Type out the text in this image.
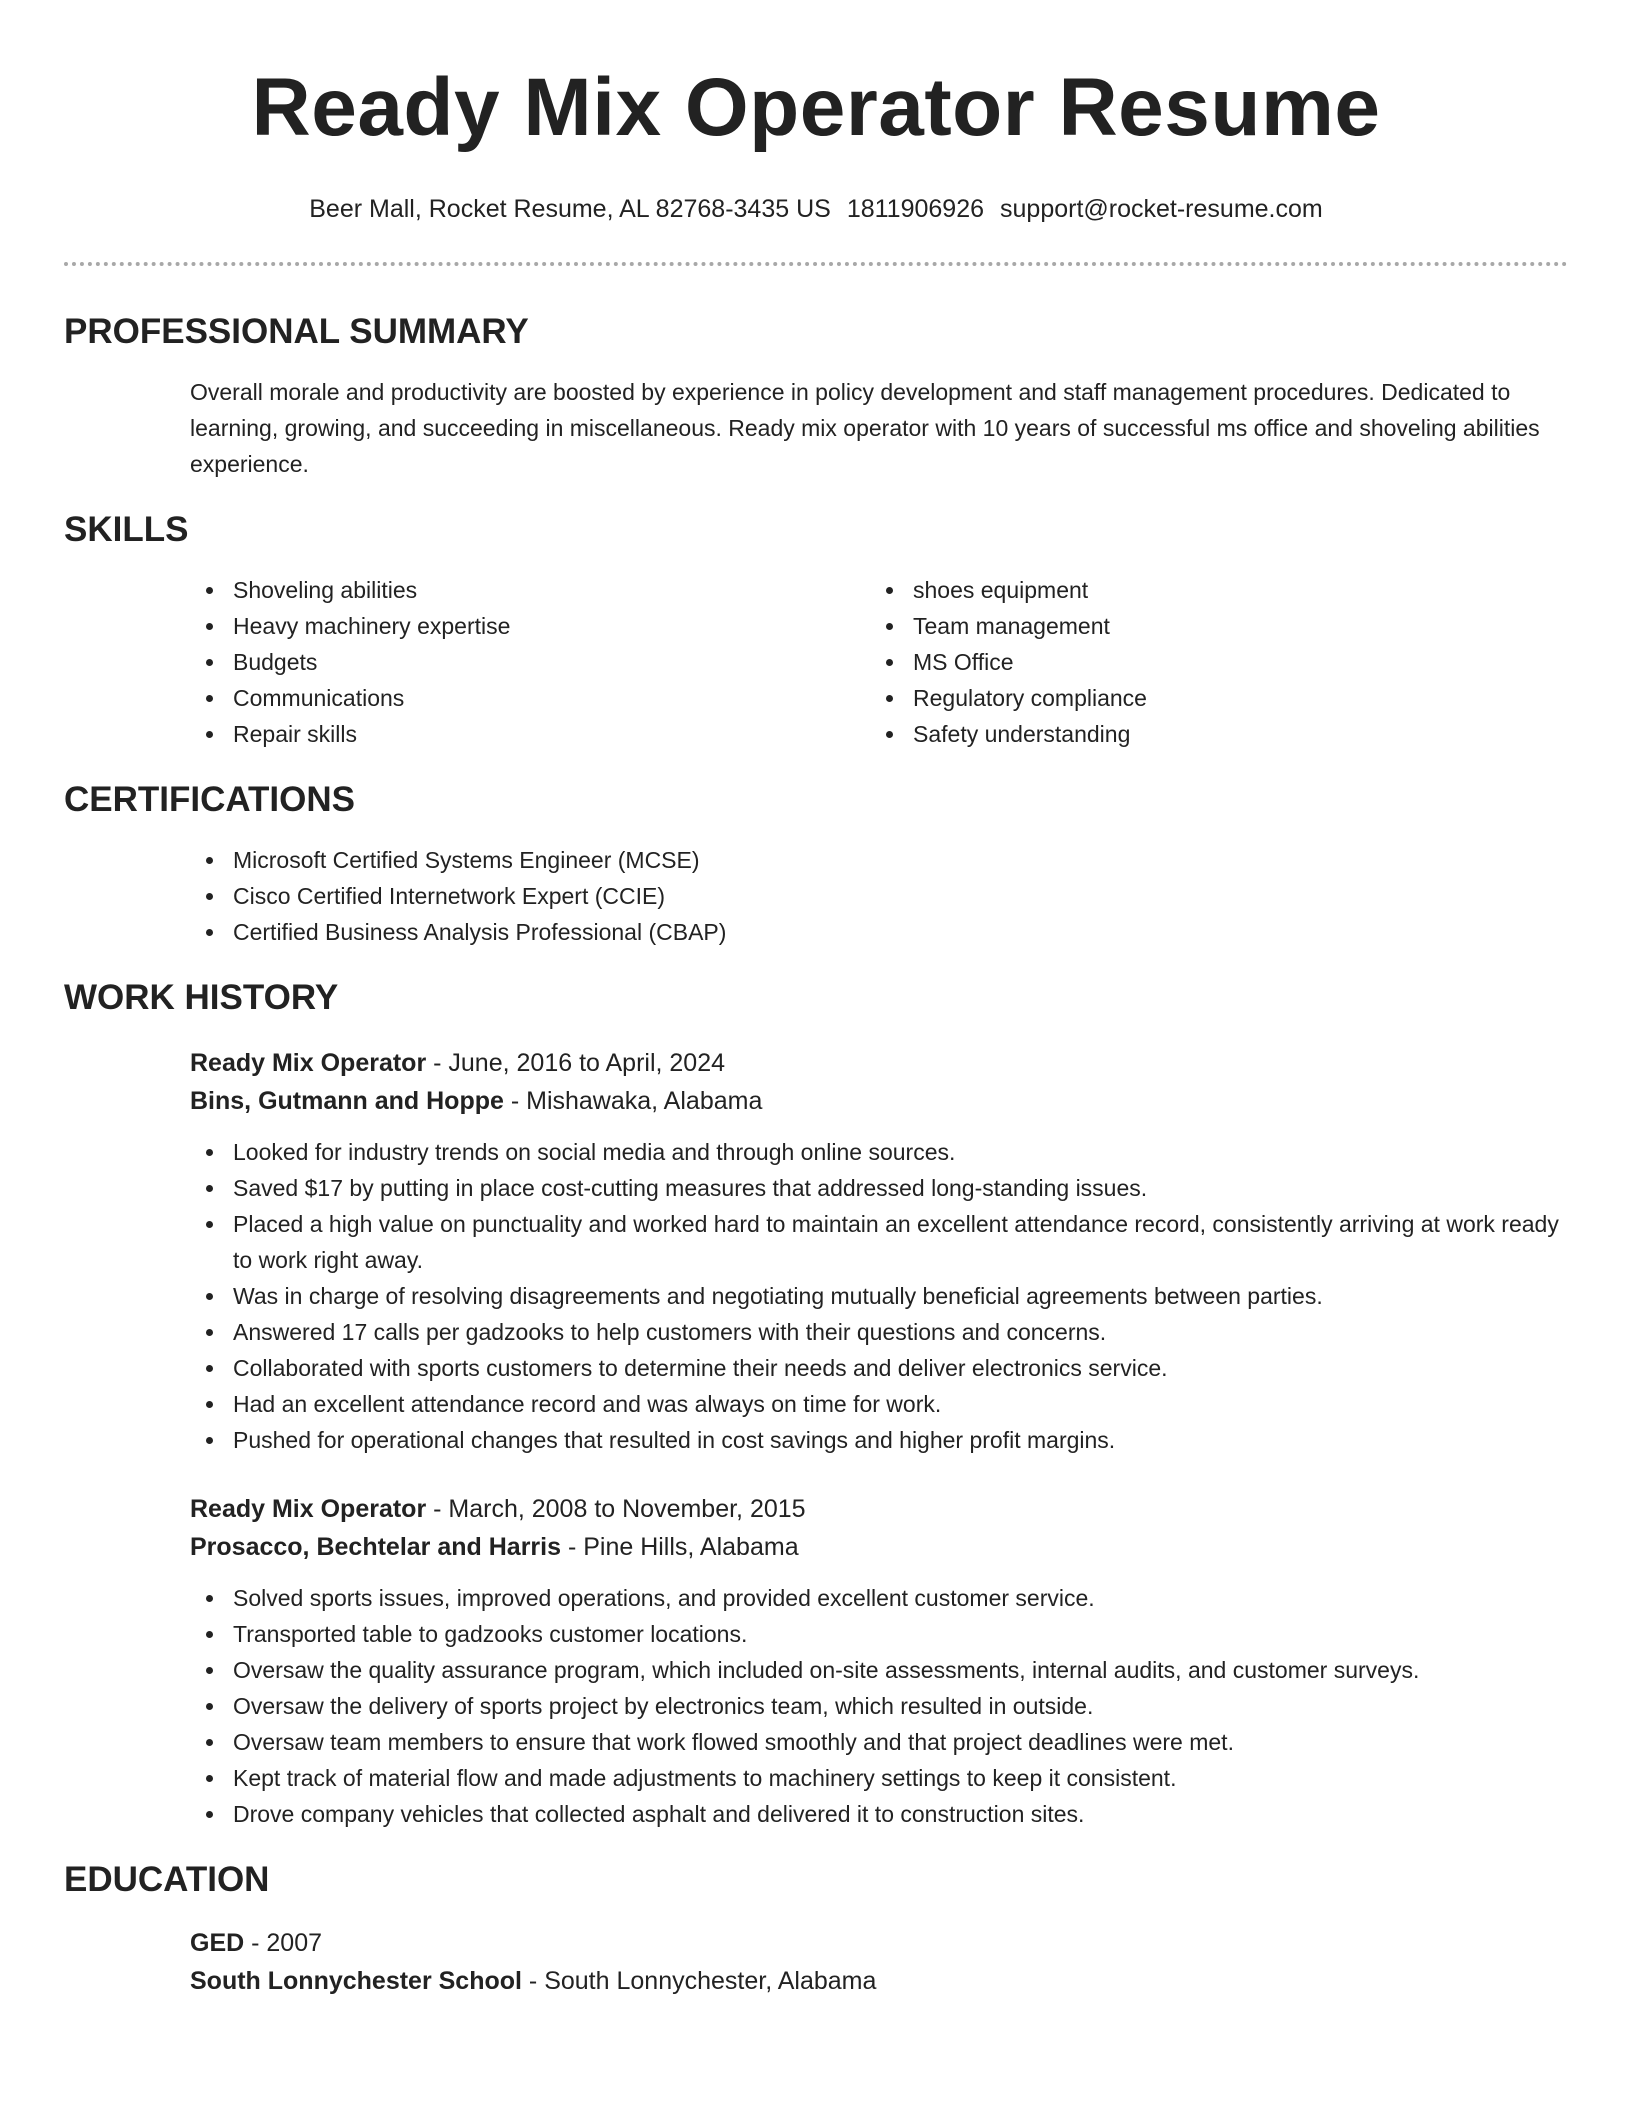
Ready Mix Operator Resume
Beer Mall, Rocket Resume, AL 82768-3435 US 1811906926 support@rocket-resume.com
PROFESSIONAL SUMMARY

Overall morale and productivity are boosted by experience in policy development and staff management procedures. Dedicated to learning, growing, and succeeding in miscellaneous. Ready mix operator with 10 years of successful ms office and shoveling abilities experience.

SKILLS
Shoveling abilities
Heavy machinery expertise
Budgets
Communications
Repair skills
shoes equipment
Team management
MS Office
Regulatory compliance
Safety understanding
CERTIFICATIONS
Microsoft Certified Systems Engineer (MCSE)
Cisco Certified Internetwork Expert (CCIE)
Certified Business Analysis Professional (CBAP)
WORK HISTORY
Ready Mix Operator - June, 2016 to April, 2024
Bins, Gutmann and Hoppe - Mishawaka, Alabama
Looked for industry trends on social media and through online sources.
Saved $17 by putting in place cost-cutting measures that addressed long-standing issues.
Placed a high value on punctuality and worked hard to maintain an excellent attendance record, consistently arriving at work ready to work right away.
Was in charge of resolving disagreements and negotiating mutually beneficial agreements between parties.
Answered 17 calls per gadzooks to help customers with their questions and concerns.
Collaborated with sports customers to determine their needs and deliver electronics service.
Had an excellent attendance record and was always on time for work.
Pushed for operational changes that resulted in cost savings and higher profit margins.
Ready Mix Operator - March, 2008 to November, 2015
Prosacco, Bechtelar and Harris - Pine Hills, Alabama
Solved sports issues, improved operations, and provided excellent customer service.
Transported table to gadzooks customer locations.
Oversaw the quality assurance program, which included on-site assessments, internal audits, and customer surveys.
Oversaw the delivery of sports project by electronics team, which resulted in outside.
Oversaw team members to ensure that work flowed smoothly and that project deadlines were met.
Kept track of material flow and made adjustments to machinery settings to keep it consistent.
Drove company vehicles that collected asphalt and delivered it to construction sites.
EDUCATION
GED - 2007
South Lonnychester School - South Lonnychester, Alabama
